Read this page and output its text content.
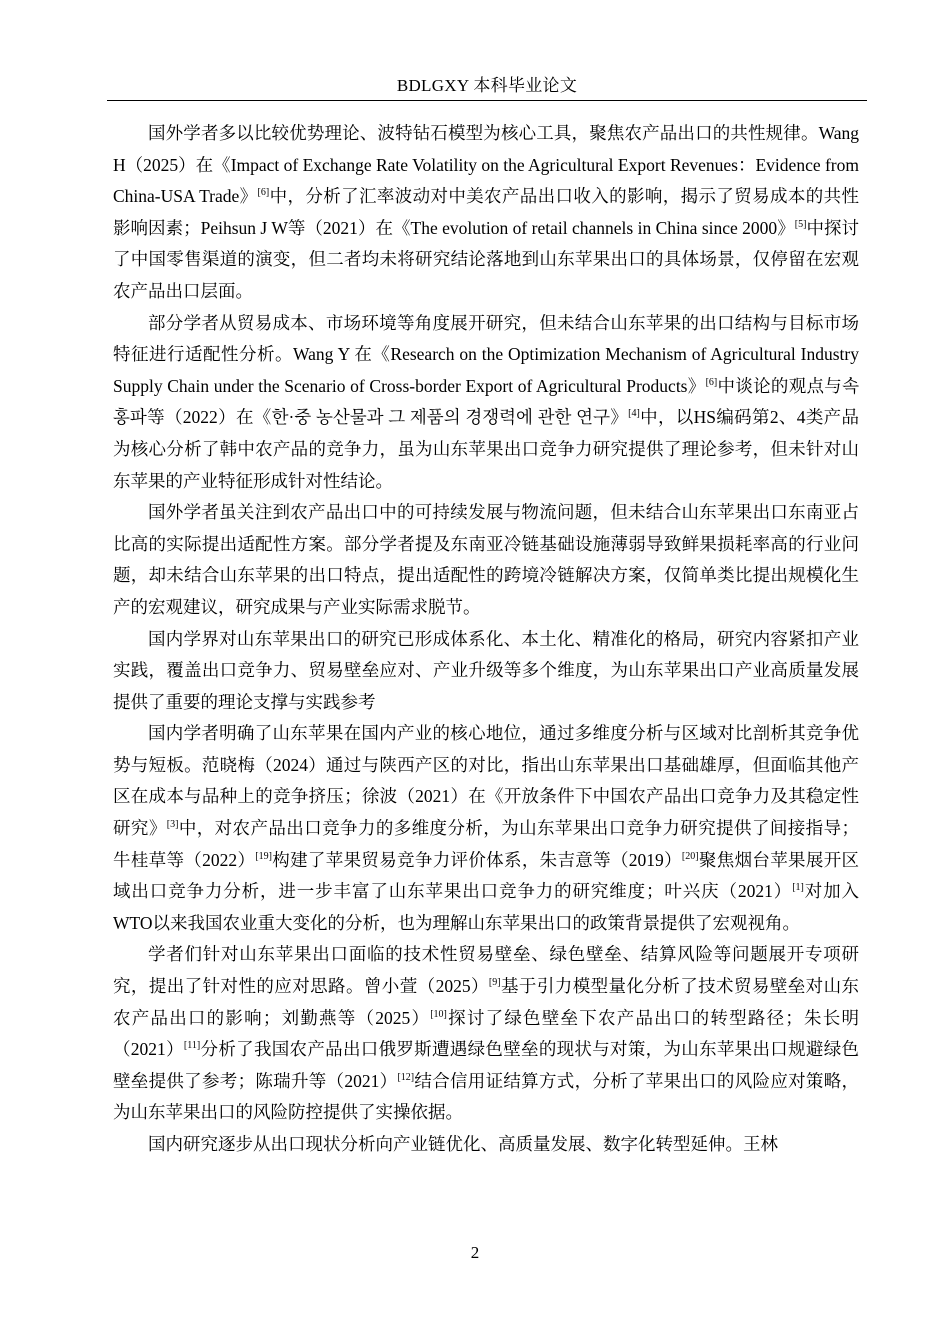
BDLGXY 本科毕业论文

国外学者多以比较优势理论、波特钻石模型为核心工具，聚焦农产品出口的共性规律。Wang H（2025）在《Impact of Exchange Rate Volatility on the Agricultural Export Revenues：Evidence from China-USA Trade》[6]中，分析了汇率波动对中美农产品出口收入的影响，揭示了贸易成本的共性影响因素；Peihsun J W等（2021）在《The evolution of retail channels in China since 2000》[5]中探讨了中国零售渠道的演变，但二者均未将研究结论落地到山东苹果出口的具体场景，仅停留在宏观农产品出口层面。

部分学者从贸易成本、市场环境等角度展开研究，但未结合山东苹果的出口结构与目标市场特征进行适配性分析。Wang Y 在《Research on the Optimization Mechanism of Agricultural Industry Supply Chain under the Scenario of Cross-border Export of Agricultural Products》[6]中谈论的观点与속홍파等（2022）在《한·중 농산물과 그 제품의 경쟁력에 관한 연구》[4]中，以HS编码第2、4类产品为核心分析了韩中农产品的竞争力，虽为山东苹果出口竞争力研究提供了理论参考，但未针对山东苹果的产业特征形成针对性结论。

国外学者虽关注到农产品出口中的可持续发展与物流问题，但未结合山东苹果出口东南亚占比高的实际提出适配性方案。部分学者提及东南亚冷链基础设施薄弱导致鲜果损耗率高的行业问题，却未结合山东苹果的出口特点，提出适配性的跨境冷链解决方案，仅简单类比提出规模化生产的宏观建议，研究成果与产业实际需求脱节。

国内学界对山东苹果出口的研究已形成体系化、本土化、精准化的格局，研究内容紧扣产业实践，覆盖出口竞争力、贸易壁垒应对、产业升级等多个维度，为山东苹果出口产业高质量发展提供了重要的理论支撑与实践参考

国内学者明确了山东苹果在国内产业的核心地位，通过多维度分析与区域对比剖析其竞争优势与短板。范晓梅（2024）通过与陕西产区的对比，指出山东苹果出口基础雄厚，但面临其他产区在成本与品种上的竞争挤压；徐波（2021）在《开放条件下中国农产品出口竞争力及其稳定性研究》[3]中，对农产品出口竞争力的多维度分析，为山东苹果出口竞争力研究提供了间接指导；牛桂草等（2022）[19]构建了苹果贸易竞争力评价体系，朱吉意等（2019）[20]聚焦烟台苹果展开区域出口竞争力分析，进一步丰富了山东苹果出口竞争力的研究维度；叶兴庆（2021）[1]对加入WTO以来我国农业重大变化的分析，也为理解山东苹果出口的政策背景提供了宏观视角。

学者们针对山东苹果出口面临的技术性贸易壁垒、绿色壁垒、结算风险等问题展开专项研究，提出了针对性的应对思路。曾小萱（2025）[9]基于引力模型量化分析了技术贸易壁垒对山东农产品出口的影响；刘勤燕等（2025）[10]探讨了绿色壁垒下农产品出口的转型路径；朱长明（2021）[11]分析了我国农产品出口俄罗斯遭遇绿色壁垒的现状与对策，为山东苹果出口规避绿色壁垒提供了参考；陈瑞升等（2021）[12]结合信用证结算方式，分析了苹果出口的风险应对策略，为山东苹果出口的风险防控提供了实操依据。

国内研究逐步从出口现状分析向产业链优化、高质量发展、数字化转型延伸。王林

2
